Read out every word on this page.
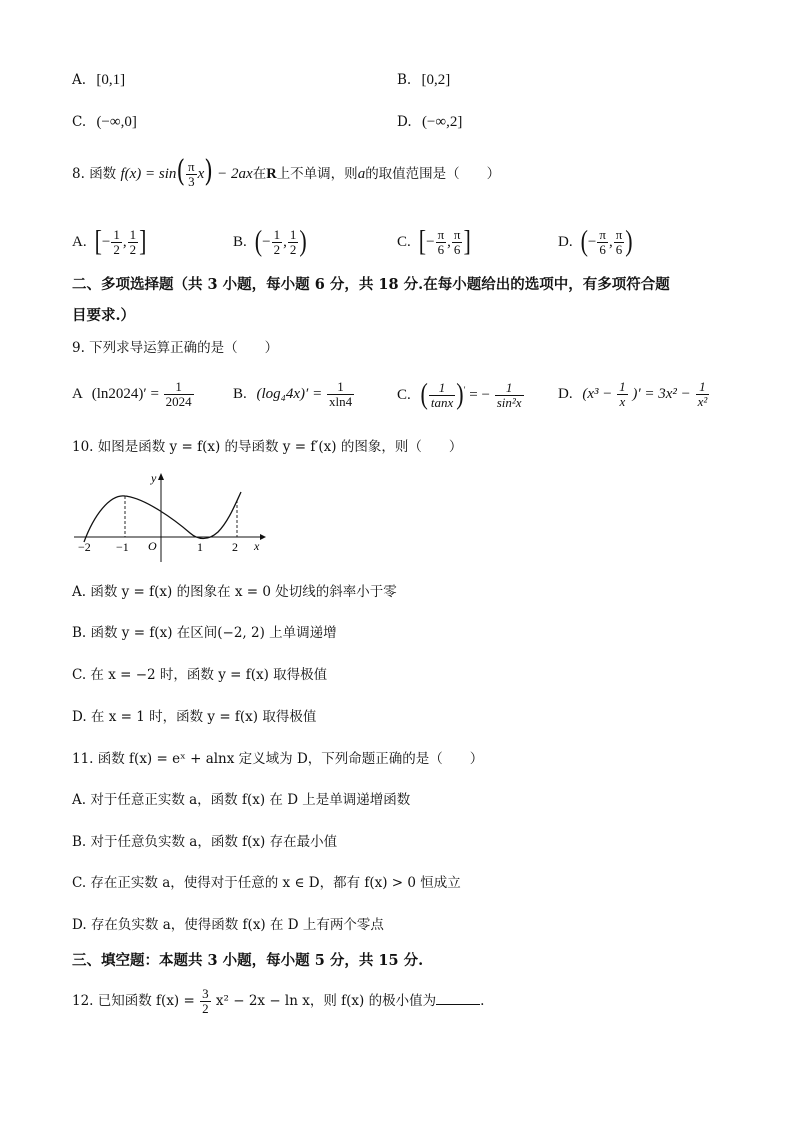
A. [0,1]	B. [0,2]
C. (−∞,0]	D. (−∞,2]
8. 函数 $f(x) = \sin( \frac{\pi}{3} x) - 2ax$在R上不单调，则a的取值范围是（　　）
A. [− $\frac{1}{2}$ , $\frac{1}{2}$ ]	B. (− $\frac{1}{2}$ , $\frac{1}{2}$ )	C. [− $\frac{\pi}{6}$ , $\frac{\pi}{6}$ ]	D. (− $\frac{\pi}{6}$ , $\frac{\pi}{6}$ )
二、多项选择题（共 3 小题，每小题 6 分，共 18 分.在每小题给出的选项中，有多项符合题
目要求.）
9. 下列求导运算正确的是（　　）
A $(\ln 2024)' = \frac{1}{2024}$	B. $(\log_44x)' = \frac{1}{xln4}$	C. ( $\frac{1}{\tan x} )'$ = − $\frac{1}{\text{sin²x}} D$. ($x^3 - \frac{1}{x}$ )′ = $3x^2 - \frac{1}{\text{x²}}$
10. 如图是函数 y = f(x) 的导函数 y = f′(x) 的图象，则（　　）
y
x
O
−2 −1	1 2
A. 函数 y = f(x) 的图象在 x = 0 处切线的斜率小于零
B. 函数 y = f(x) 在区间(−2, 2) 上单调递增
C. 在 x = −2 时，函数 y = f(x) 取得极值
D. 在 x = 1 时，函数 y = f(x) 取得极值
11. 函数 f(x) = eˣ + alnx 定义域为 D，下列命题正确的是（　　）
A. 对于任意正实数 a，函数 f(x) 在 D 上是单调递增函数
B. 对于任意负实数 a，函数 f(x) 存在最小值
C. 存在正实数 a，使得对于任意的 x ∈ D，都有 f(x) > 0 恒成立
D. 存在负实数 a，使得函数 f(x) 在 D 上有两个零点
三、填空题：本题共 3 小题，每小题 5 分，共 15 分.
12. 已知函数 $f(x) = \frac{3}{2} x^2 - 2x - \ln x$，则 f(x) 的极小值为	.
